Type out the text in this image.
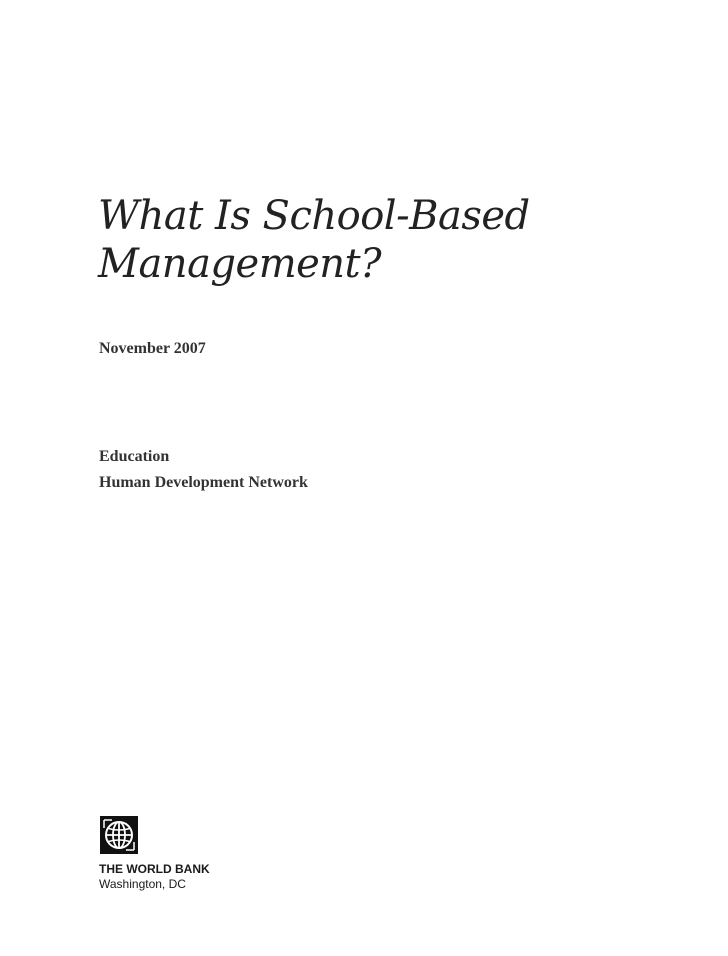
What Is School-Based
Management?
November 2007
Education
Human Development Network
THE WORLD BANK
Washington, DC
